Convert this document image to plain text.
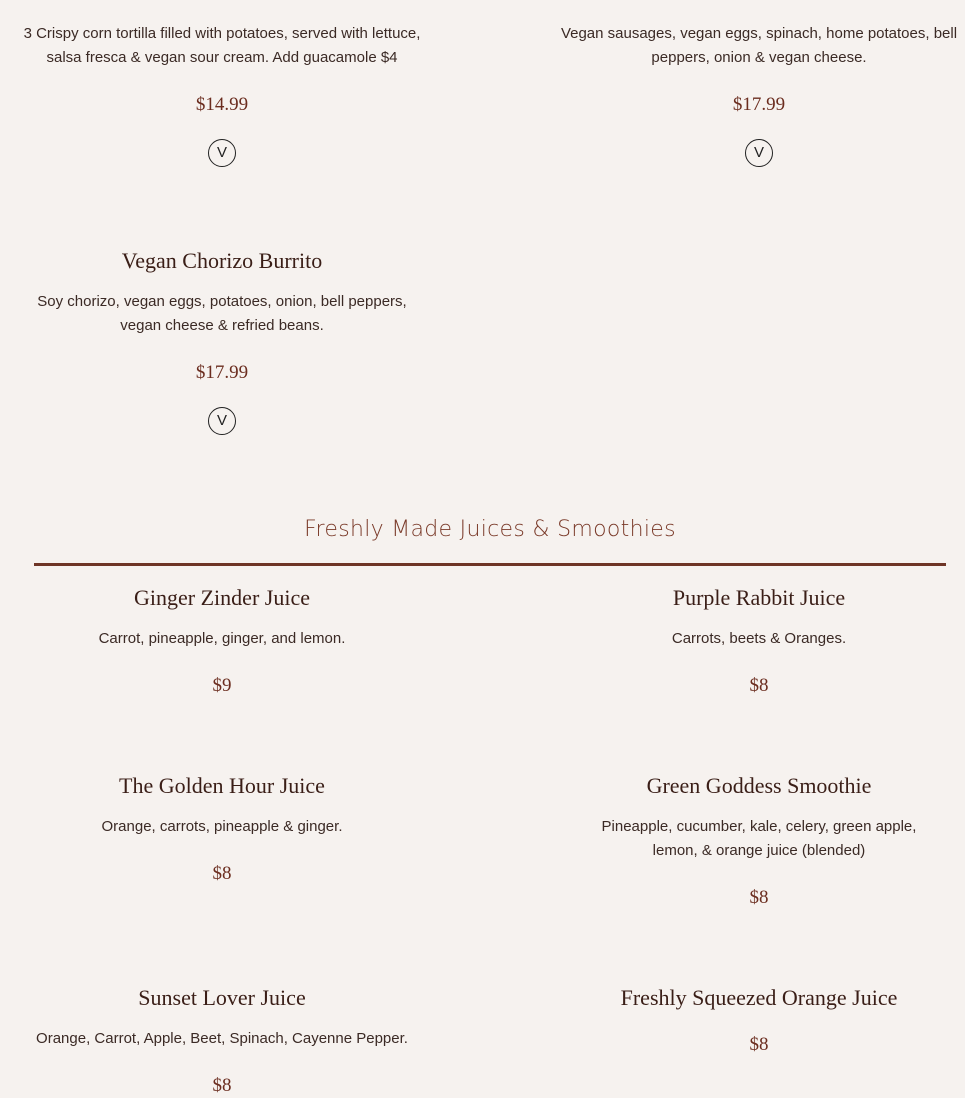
3 Crispy corn tortilla filled with potatoes, served with lettuce, salsa fresca & vegan sour cream. Add guacamole $4
$14.99
V
Vegan sausages, vegan eggs, spinach, home potatoes, bell peppers, onion & vegan cheese.
$17.99
V
Vegan Chorizo Burrito
Soy chorizo, vegan eggs, potatoes, onion, bell peppers, vegan cheese & refried beans.
$17.99
V
Freshly Made Juices & Smoothies
Ginger Zinder Juice
Carrot, pineapple, ginger, and lemon.
$9
Purple Rabbit Juice
Carrots, beets & Oranges.
$8
The Golden Hour Juice
Orange, carrots, pineapple & ginger.
$8
Green Goddess Smoothie
Pineapple, cucumber, kale, celery, green apple, lemon, & orange juice (blended)
$8
Sunset Lover Juice
Orange, Carrot, Apple, Beet, Spinach, Cayenne Pepper.
$8
Freshly Squeezed Orange Juice
$8
